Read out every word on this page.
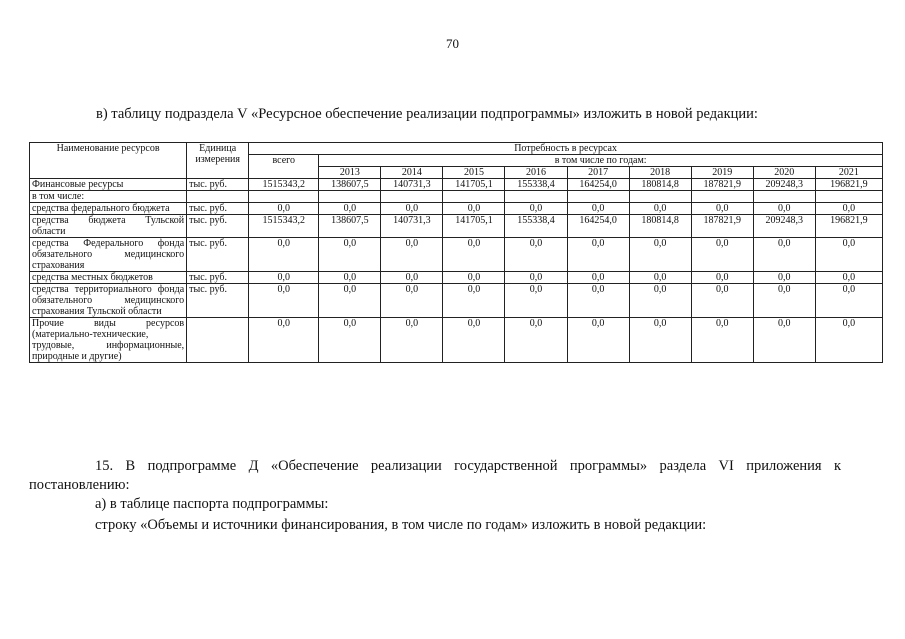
70
в) таблицу подраздела V «Ресурсное обеспечение реализации подпрограммы» изложить в новой редакции:
Наименование ресурсов	Единица измерения	Потребность в ресурсах									
		всего	в том числе по годам:								
			2013	2014	2015	2016	2017	2018	2019	2020	2021
Финансовые ресурсы	тыс. руб.	1515343,2	138607,5	140731,3	141705,1	155338,4	164254,0	180814,8	187821,9	209248,3	196821,9
в том числе:											
средства федерального бюджета	тыс. руб.	0,0	0,0	0,0	0,0	0,0	0,0	0,0	0,0	0,0	0,0
средства бюджета Тульской области	тыс. руб.	1515343,2	138607,5	140731,3	141705,1	155338,4	164254,0	180814,8	187821,9	209248,3	196821,9
средства Федерального фонда обязательного медицинского страхования	тыс. руб.	0,0	0,0	0,0	0,0	0,0	0,0	0,0	0,0	0,0	0,0
средства местных бюджетов	тыс. руб.	0,0	0,0	0,0	0,0	0,0	0,0	0,0	0,0	0,0	0,0
средства территориального фонда обязательного медицинского страхования Тульской области	тыс. руб.	0,0	0,0	0,0	0,0	0,0	0,0	0,0	0,0	0,0	0,0
Прочие виды ресурсов (материально-технические, трудовые, информационные, природные и другие)		0,0	0,0	0,0	0,0	0,0	0,0	0,0	0,0	0,0	0,0
15. В подпрограмме Д «Обеспечение реализации государственной программы» раздела VI приложения к постановлению:
а) в таблице паспорта подпрограммы:
строку «Объемы и источники финансирования, в том числе по годам» изложить в новой редакции:
